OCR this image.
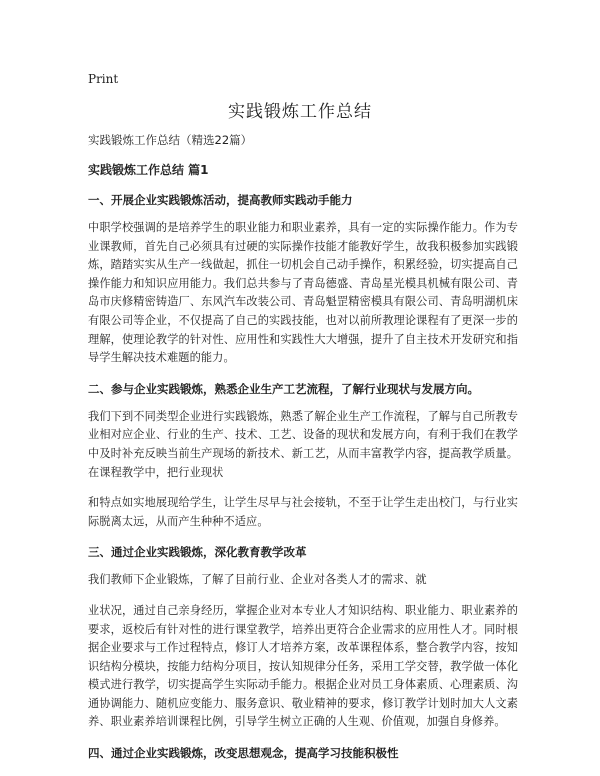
Print
实践锻炼工作总结
实践锻炼工作总结（精选22篇）
实践锻炼工作总结 篇1
一、开展企业实践锻炼活动，提高教师实践动手能力
中职学校强调的是培养学生的职业能力和职业素养，具有一定的实际操作能力。作为专业课教师，首先自己必须具有过硬的实际操作技能才能教好学生，故我积极参加实践锻炼，踏踏实实从生产一线做起，抓住一切机会自己动手操作，积累经验，切实提高自己操作能力和知识应用能力。我们总共参与了青岛德盛、青岛星光模具机械有限公司、青岛市庆修精密铸造厂、东风汽车改装公司、青岛魁罡精密模具有限公司、青岛明湖机床有限公司等企业，不仅提高了自己的实践技能，也对以前所教理论课程有了更深一步的理解，使理论教学的针对性、应用性和实践性大大增强，提升了自主技术开发研究和指导学生解决技术难题的能力。
二、参与企业实践锻炼，熟悉企业生产工艺流程，了解行业现状与发展方向。
我们下到不同类型企业进行实践锻炼，熟悉了解企业生产工作流程，了解与自己所教专业相对应企业、行业的生产、技术、工艺、设备的现状和发展方向，有利于我们在教学中及时补充反映当前生产现场的新技术、新工艺，从而丰富教学内容，提高教学质量。在课程教学中，把行业现状
和特点如实地展现给学生，让学生尽早与社会接轨，不至于让学生走出校门，与行业实际脱离太远，从而产生种种不适应。
三、通过企业实践锻炼，深化教育教学改革
我们教师下企业锻炼，了解了目前行业、企业对各类人才的需求、就
业状况，通过自己亲身经历，掌握企业对本专业人才知识结构、职业能力、职业素养的要求，返校后有针对性的进行课堂教学，培养出更符合企业需求的应用性人才。同时根据企业要求与工作过程特点，修订人才培养方案，改革课程体系，整合教学内容，按知识结构分模块，按能力结构分项目，按认知规律分任务，采用工学交替，教学做一体化模式进行教学，切实提高学生实际动手能力。根据企业对员工身体素质、心理素质、沟通协调能力、随机应变能力、服务意识、敬业精神的要求，修订教学计划时加大人文素养、职业素养培训课程比例，引导学生树立正确的人生观、价值观，加强自身修养。
四、通过企业实践锻炼，改变思想观念，提高学习技能积极性
